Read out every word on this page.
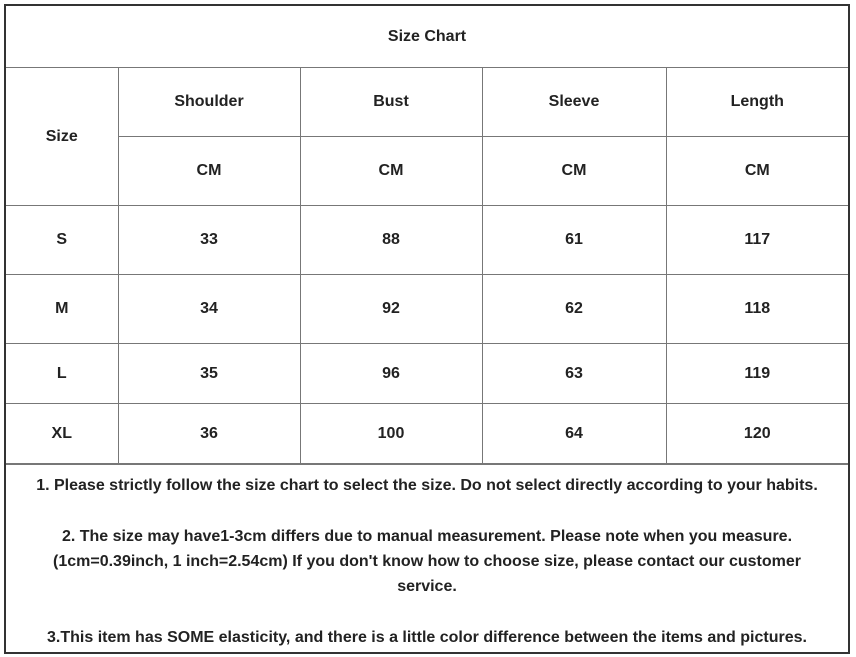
Size Chart				
Size	Shoulder	Bust	Sleeve	Length
	CM	CM	CM	CM
S	33	88	61	117
M	34	92	62	118
L	35	96	63	119
XL	36	100	64	120

1. Please strictly follow the size chart to select the size. Do not select directly according to your habits.

2. The size may have1-3cm differs due to manual measurement. Please note when you measure.

(1cm=0.39inch, 1 inch=2.54cm) If you don't know how to choose size, please contact our customer

service.

3.This item has SOME elasticity, and there is a little color difference between the items and pictures.
